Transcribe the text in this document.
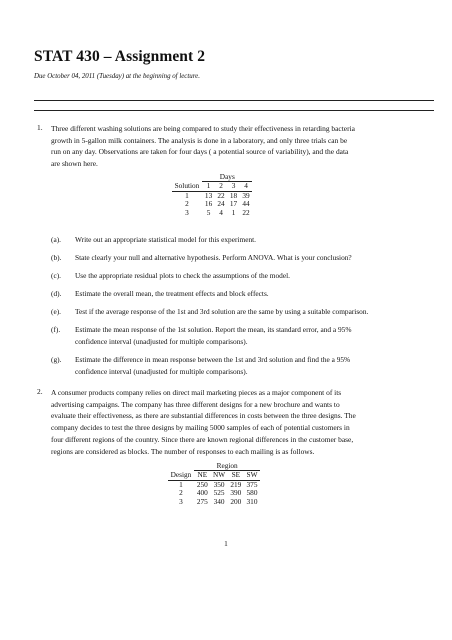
STAT 430 – Assignment 2
Due October 04, 2011 (Tuesday) at the beginning of lecture.
1. Three different washing solutions are being compared to study their effectiveness in retarding bacteria
growth in 5-gallon milk containers. The analysis is done in a laboratory, and only three trials can be
run on any day. Observations are taken for four days ( a potential source of variability), and the data
are shown here.
	Days			
Solution	1	2	3	4
1	13	22	18	39
2	16	24	17	44
3	5	4	1	22
(a). Write out an appropriate statistical model for this experiment.
(b). State clearly your null and alternative hypothesis. Perform ANOVA. What is your conclusion?
(c). Use the appropriate residual plots to check the assumptions of the model.
(d). Estimate the overall mean, the treatment effects and block effects.
(e). Test if the average response of the 1st and 3rd solution are the same by using a suitable comparison.
(f). Estimate the mean response of the 1st solution. Report the mean, its standard error, and a 95%
confidence interval (unadjusted for multiple comparisons).
(g). Estimate the difference in mean response between the 1st and 3rd solution and find the a 95%
confidence interval (unadjusted for multiple comparisons).
2. A consumer products company relies on direct mail marketing pieces as a major component of its
advertising campaigns. The company has three different designs for a new brochure and wants to
evaluate their effectiveness, as there are substantial differences in costs between the three designs. The
company decides to test the three designs by mailing 5000 samples of each of potential customers in
four different regions of the country. Since there are known regional differences in the customer base,
regions are considered as blocks. The number of responses to each mailing is as follows.
	Region			
Design	NE	NW	SE	SW
1	250	350	219	375
2	400	525	390	580
3	275	340	200	310
1
